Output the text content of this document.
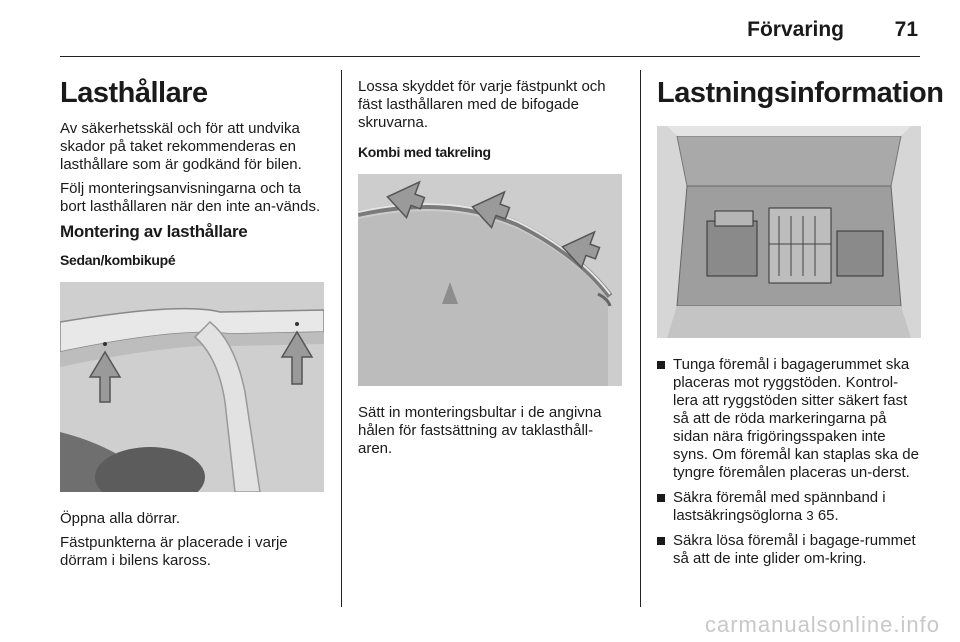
Förvaring 71
Lasthållare

Av säkerhetsskäl och för att undvika skador på taket rekommenderas en lasthållare som är godkänd för bilen.

Följ monteringsanvisningarna och ta bort lasthållaren när den inte an-vänds.

Montering av lasthållare
Sedan/kombikupé

Öppna alla dörrar.

Fästpunkterna är placerade i varje dörram i bilens kaross.

Lossa skyddet för varje fästpunkt och fäst lasthållaren med de bifogade skruvarna.

Kombi med takreling

Sätt in monteringsbultar i de angivna hålen för fastsättning av taklasthåll-aren.

Lastningsinformation
Tunga föremål i bagagerummet ska placeras mot ryggstöden. Kontrol-lera att ryggstöden sitter säkert fast så att de röda markeringarna på sidan nära frigöringsspaken inte syns. Om föremål kan staplas ska de tyngre föremålen placeras un-derst.
Säkra föremål med spännband i lastsäkringsöglorna 3 65.
Säkra lösa föremål i bagage-rummet så att de inte glider om-kring.
carmanualsonline.info
